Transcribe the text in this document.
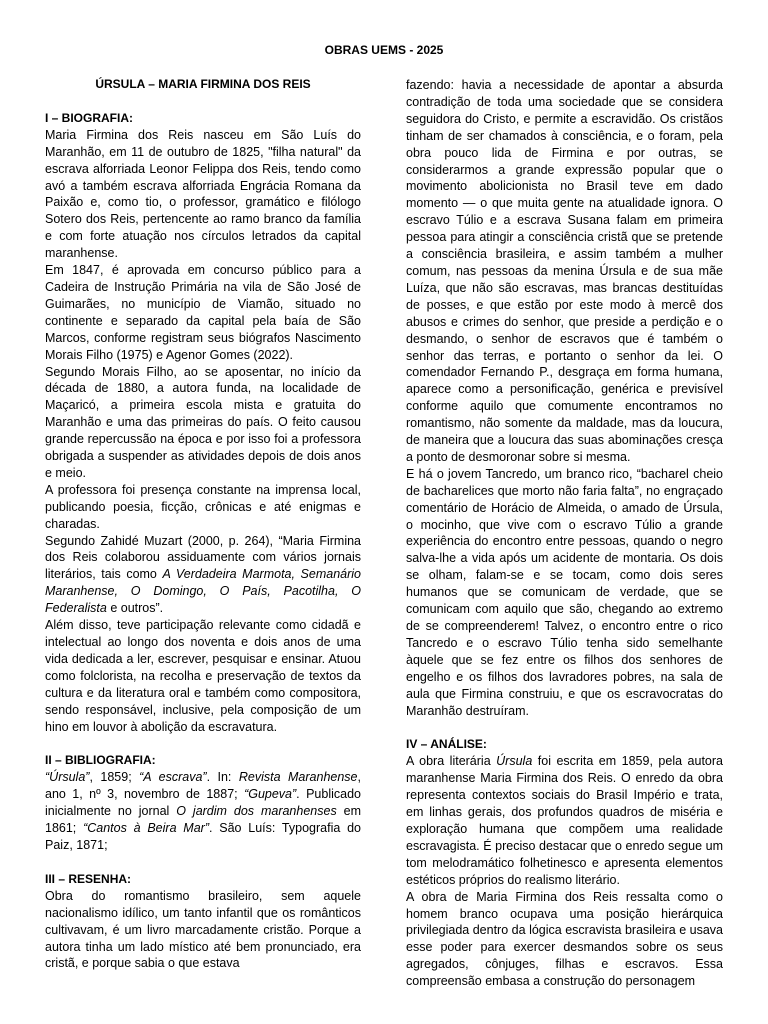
OBRAS UEMS - 2025
ÚRSULA – MARIA FIRMINA DOS REIS
I – BIOGRAFIA:

Maria Firmina dos Reis nasceu em São Luís do Maranhão, em 11 de outubro de 1825, "filha natural" da escrava alforriada Leonor Felippa dos Reis, tendo como avó a também escrava alforriada Engrácia Romana da Paixão e, como tio, o professor, gramático e filólogo Sotero dos Reis, pertencente ao ramo branco da família e com forte atuação nos círculos letrados da capital maranhense.

Em 1847, é aprovada em concurso público para a Cadeira de Instrução Primária na vila de São José de Guimarães, no município de Viamão, situado no continente e separado da capital pela baía de São Marcos, conforme registram seus biógrafos Nascimento Morais Filho (1975) e Agenor Gomes (2022).

Segundo Morais Filho, ao se aposentar, no início da década de 1880, a autora funda, na localidade de Maçaricó, a primeira escola mista e gratuita do Maranhão e uma das primeiras do país. O feito causou grande repercussão na época e por isso foi a professora obrigada a suspender as atividades depois de dois anos e meio.

A professora foi presença constante na imprensa local, publicando poesia, ficção, crônicas e até enigmas e charadas.

Segundo Zahidé Muzart (2000, p. 264), “Maria Firmina dos Reis colaborou assiduamente com vários jornais literários, tais como A Verdadeira Marmota, Semanário Maranhense, O Domingo, O País, Pacotilha, O Federalista e outros”.

Além disso, teve participação relevante como cidadã e intelectual ao longo dos noventa e dois anos de uma vida dedicada a ler, escrever, pesquisar e ensinar. Atuou como folclorista, na recolha e preservação de textos da cultura e da literatura oral e também como compositora, sendo responsável, inclusive, pela composição de um hino em louvor à abolição da escravatura.

II – BIBLIOGRAFIA:

“Úrsula”, 1859; “A escrava”. In: Revista Maranhense, ano 1, nº 3, novembro de 1887; “Gupeva”. Publicado inicialmente no jornal O jardim dos maranhenses em 1861; “Cantos à Beira Mar”. São Luís: Typografia do Paiz, 1871;

III – RESENHA:

Obra do romantismo brasileiro, sem aquele nacionalismo idílico, um tanto infantil que os românticos cultivavam, é um livro marcadamente cristão. Porque a autora tinha um lado místico até bem pronunciado, era cristã, e porque sabia o que estava

fazendo: havia a necessidade de apontar a absurda contradição de toda uma sociedade que se considera seguidora do Cristo, e permite a escravidão. Os cristãos tinham de ser chamados à consciência, e o foram, pela obra pouco lida de Firmina e por outras, se considerarmos a grande expressão popular que o movimento abolicionista no Brasil teve em dado momento — o que muita gente na atualidade ignora. O escravo Túlio e a escrava Susana falam em primeira pessoa para atingir a consciência cristã que se pretende a consciência brasileira, e assim também a mulher comum, nas pessoas da menina Úrsula e de sua mãe Luíza, que não são escravas, mas brancas destituídas de posses, e que estão por este modo à mercê dos abusos e crimes do senhor, que preside a perdição e o desmando, o senhor de escravos que é também o senhor das terras, e portanto o senhor da lei. O comendador Fernando P., desgraça em forma humana, aparece como a personificação, genérica e previsível conforme aquilo que comumente encontramos no romantismo, não somente da maldade, mas da loucura, de maneira que a loucura das suas abominações cresça a ponto de desmoronar sobre si mesma.

E há o jovem Tancredo, um branco rico, “bacharel cheio de bacharelices que morto não faria falta”, no engraçado comentário de Horácio de Almeida, o amado de Úrsula, o mocinho, que vive com o escravo Túlio a grande experiência do encontro entre pessoas, quando o negro salva-lhe a vida após um acidente de montaria. Os dois se olham, falam-se e se tocam, como dois seres humanos que se comunicam de verdade, que se comunicam com aquilo que são, chegando ao extremo de se compreenderem! Talvez, o encontro entre o rico Tancredo e o escravo Túlio tenha sido semelhante àquele que se fez entre os filhos dos senhores de engelho e os filhos dos lavradores pobres, na sala de aula que Firmina construiu, e que os escravocratas do Maranhão destruíram.

IV – ANÁLISE:

A obra literária Úrsula foi escrita em 1859, pela autora maranhense Maria Firmina dos Reis. O enredo da obra representa contextos sociais do Brasil Império e trata, em linhas gerais, dos profundos quadros de miséria e exploração humana que compõem uma realidade escravagista. É preciso destacar que o enredo segue um tom melodramático folhetinesco e apresenta elementos estéticos próprios do realismo literário.

A obra de Maria Firmina dos Reis ressalta como o homem branco ocupava uma posição hierárquica privilegiada dentro da lógica escravista brasileira e usava esse poder para exercer desmandos sobre os seus agregados, cônjuges, filhas e escravos. Essa compreensão embasa a construção do personagem
